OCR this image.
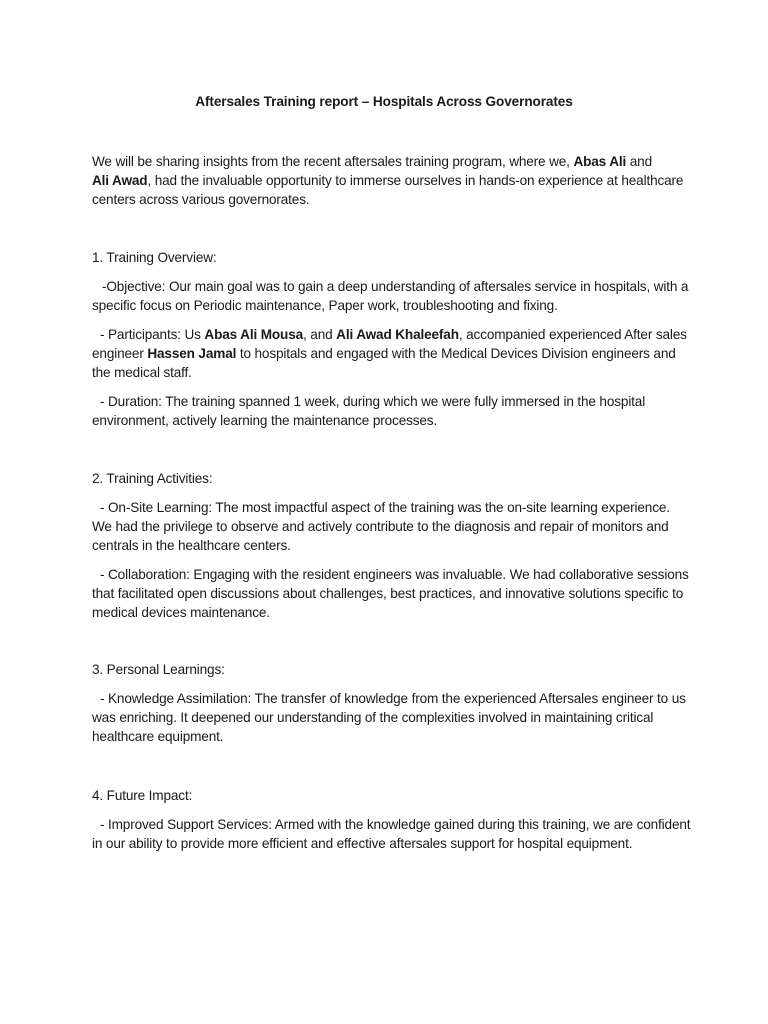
Aftersales Training report – Hospitals Across Governorates

We will be sharing insights from the recent aftersales training program, where we, Abas Ali and
Ali Awad, had the invaluable opportunity to immerse ourselves in hands-on experience at healthcare centers across various governorates.

1. Training Overview:

-Objective: Our main goal was to gain a deep understanding of aftersales service in hospitals, with a specific focus on Periodic maintenance, Paper work, troubleshooting and fixing.

- Participants: Us Abas Ali Mousa, and Ali Awad Khaleefah, accompanied experienced After sales engineer Hassen Jamal to hospitals and engaged with the Medical Devices Division engineers and the medical staff.

- Duration: The training spanned 1 week, during which we were fully immersed in the hospital environment, actively learning the maintenance processes.

2. Training Activities:

- On-Site Learning: The most impactful aspect of the training was the on-site learning experience. We had the privilege to observe and actively contribute to the diagnosis and repair of monitors and centrals in the healthcare centers.

- Collaboration: Engaging with the resident engineers was invaluable. We had collaborative sessions that facilitated open discussions about challenges, best practices, and innovative solutions specific to medical devices maintenance.

3. Personal Learnings:

- Knowledge Assimilation: The transfer of knowledge from the experienced Aftersales engineer to us was enriching. It deepened our understanding of the complexities involved in maintaining critical healthcare equipment.

4. Future Impact:

- Improved Support Services: Armed with the knowledge gained during this training, we are confident in our ability to provide more efficient and effective aftersales support for hospital equipment.
